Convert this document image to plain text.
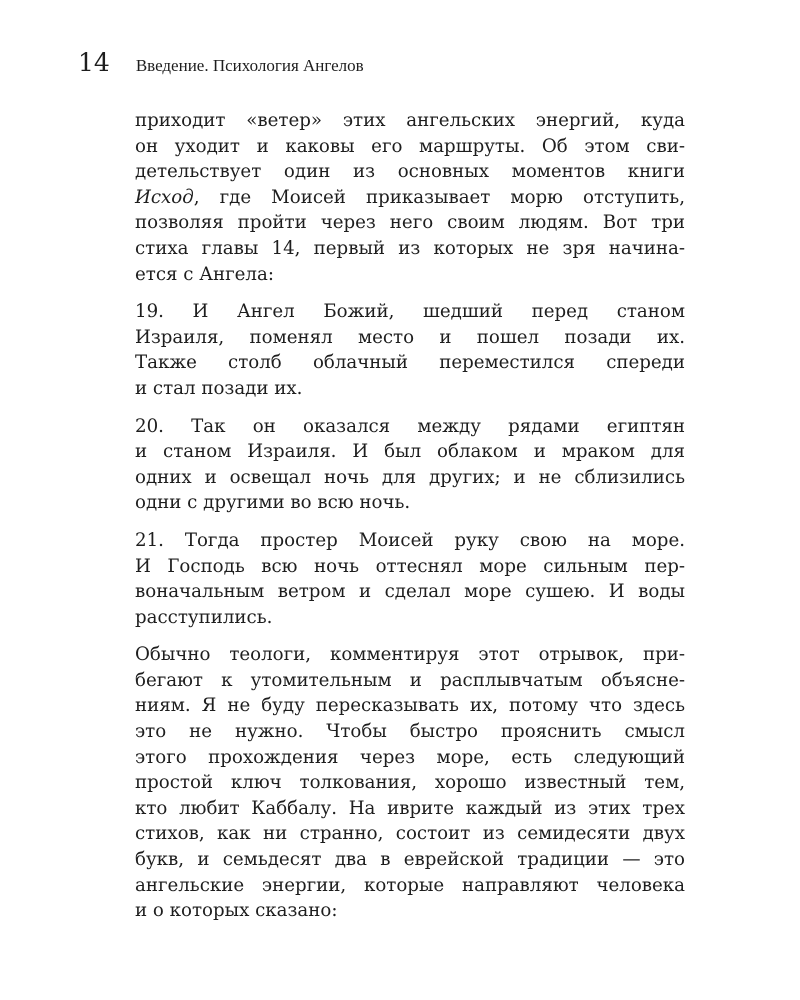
14 Введение. Психология Ангелов

приходит «ветер» этих ангельских энергий, куда
он уходит и каковы его маршруты. Об этом сви-
детельствует один из основных моментов книги
Исход, где Моисей приказывает морю отступить,
позволяя пройти через него своим людям. Вот три
стиха главы 14, первый из которых не зря начина-
ется с Ангела:

19. И Ангел Божий, шедший перед станом
Израиля, поменял место и пошел позади их.
Также столб облачный переместился спереди
и стал позади их.

20. Так он оказался между рядами египтян
и станом Израиля. И был облаком и мраком для
одних и освещал ночь для других; и не сблизились
одни с другими во всю ночь.

21. Тогда простер Моисей руку свою на море.
И Господь всю ночь оттеснял море сильным пер-
воначальным ветром и сделал море сушею. И воды
расступились.

Обычно теологи, комментируя этот отрывок, при-
бегают к утомительным и расплывчатым объясне-
ниям. Я не буду пересказывать их, потому что здесь
это не нужно. Чтобы быстро прояснить смысл
этого прохождения через море, есть следующий
простой ключ толкования, хорошо известный тем,
кто любит Каббалу. На иврите каждый из этих трех
стихов, как ни странно, состоит из семидесяти двух
букв, и семьдесят два в еврейской традиции — это
ангельские энергии, которые направляют человека
и о которых сказано:
